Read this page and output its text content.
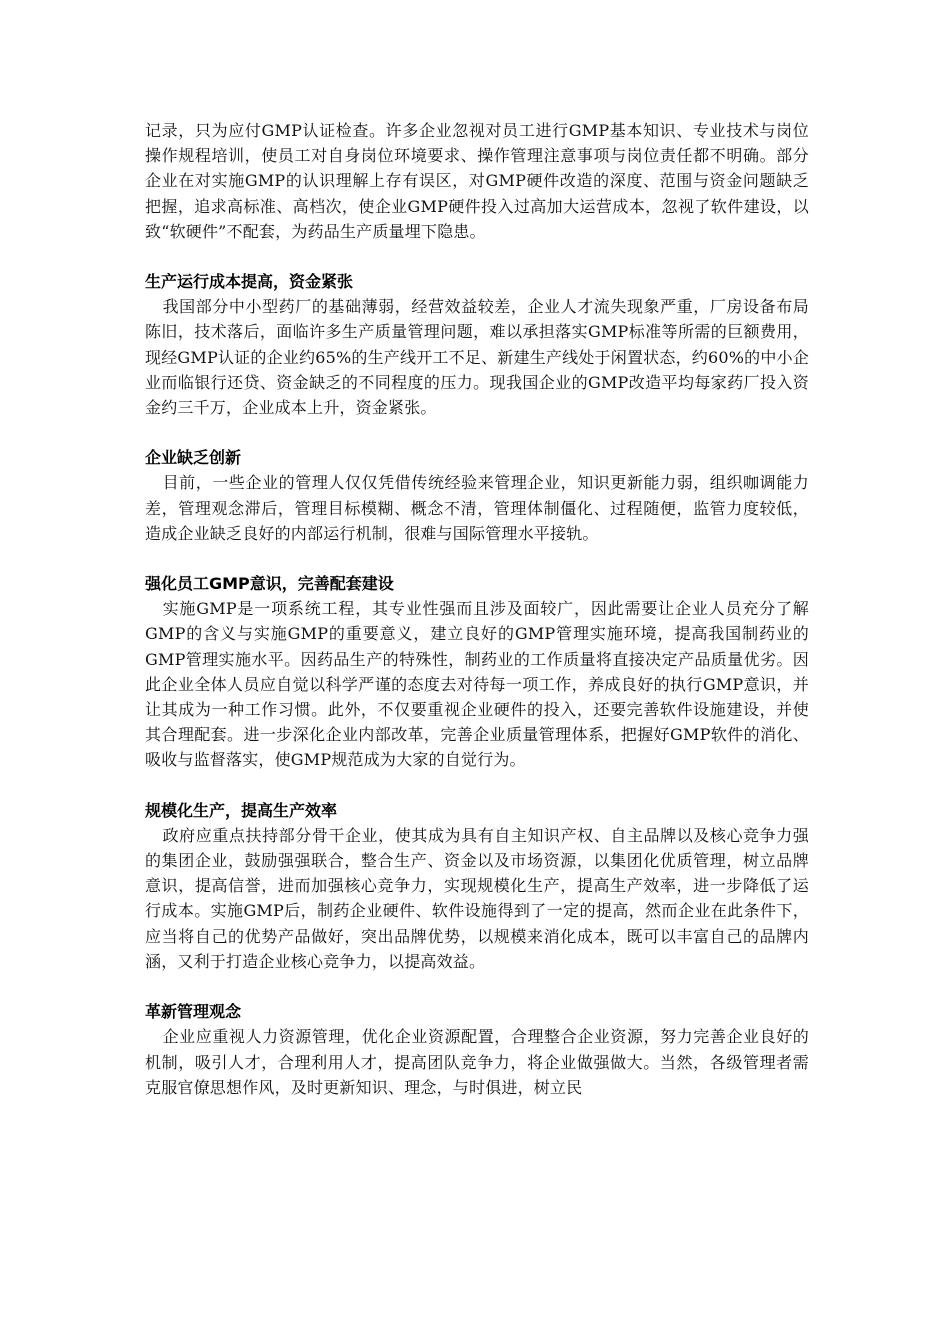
记录，只为应付GMP认证检查。许多企业忽视对员工进行GMP基本知识、专业技术与岗位操作规程培训，使员工对自身岗位环境要求、操作管理注意事项与岗位责任都不明确。部分企业在对实施GMP的认识理解上存有误区，对GMP硬件改造的深度、范围与资金问题缺乏把握，追求高标准、高档次，使企业GMP硬件投入过高加大运营成本，忽视了软件建设，以致“软硬件”不配套，为药品生产质量埋下隐患。

生产运行成本提高，资金紧张

我国部分中小型药厂的基础薄弱，经营效益较差，企业人才流失现象严重，厂房设备布局陈旧，技术落后，面临许多生产质量管理问题，难以承担落实GMP标准等所需的巨额费用，现经GMP认证的企业约65%的生产线开工不足、新建生产线处于闲置状态，约60%的中小企业而临银行还贷、资金缺乏的不同程度的压力。现我国企业的GMP改造平均每家药厂投入资金约三千万，企业成本上升，资金紧张。

企业缺乏创新

目前，一些企业的管理人仅仅凭借传统经验来管理企业，知识更新能力弱，组织咖调能力差，管理观念滞后，管理目标模糊、概念不清，管理体制僵化、过程随便，监管力度较低，造成企业缺乏良好的内部运行机制，很难与国际管理水平接轨。

强化员工GMP意识，完善配套建设

实施GMP是一项系统工程，其专业性强而且涉及面较广，因此需要让企业人员充分了解GMP的含义与实施GMP的重要意义，建立良好的GMP管理实施环境，提高我国制药业的GMP管理实施水平。因药品生产的特殊性，制药业的工作质量将直接决定产品质量优劣。因此企业全体人员应自觉以科学严谨的态度去对待每一项工作，养成良好的执行GMP意识，并让其成为一种工作习惯。此外，不仅要重视企业硬件的投入，还要完善软件设施建设，并使其合理配套。进一步深化企业内部改革，完善企业质量管理体系，把握好GMP软件的消化、吸收与监督落实，使GMP规范成为大家的自觉行为。

规模化生产，提高生产效率

政府应重点扶持部分骨干企业，使其成为具有自主知识产权、自主品牌以及核心竞争力强的集团企业，鼓励强强联合，整合生产、资金以及市场资源，以集团化优质管理，树立品牌意识，提高信誉，进而加强核心竞争力，实现规模化生产，提高生产效率，进一步降低了运行成本。实施GMP后，制药企业硬件、软件设施得到了一定的提高，然而企业在此条件下，应当将自己的优势产品做好，突出品牌优势，以规模来消化成本，既可以丰富自己的品牌内涵，又利于打造企业核心竞争力，以提高效益。

革新管理观念

企业应重视人力资源管理，优化企业资源配置，合理整合企业资源，努力完善企业良好的机制，吸引人才，合理利用人才，提高团队竞争力，将企业做强做大。当然，各级管理者需克服官僚思想作风，及时更新知识、理念，与时俱进，树立民
